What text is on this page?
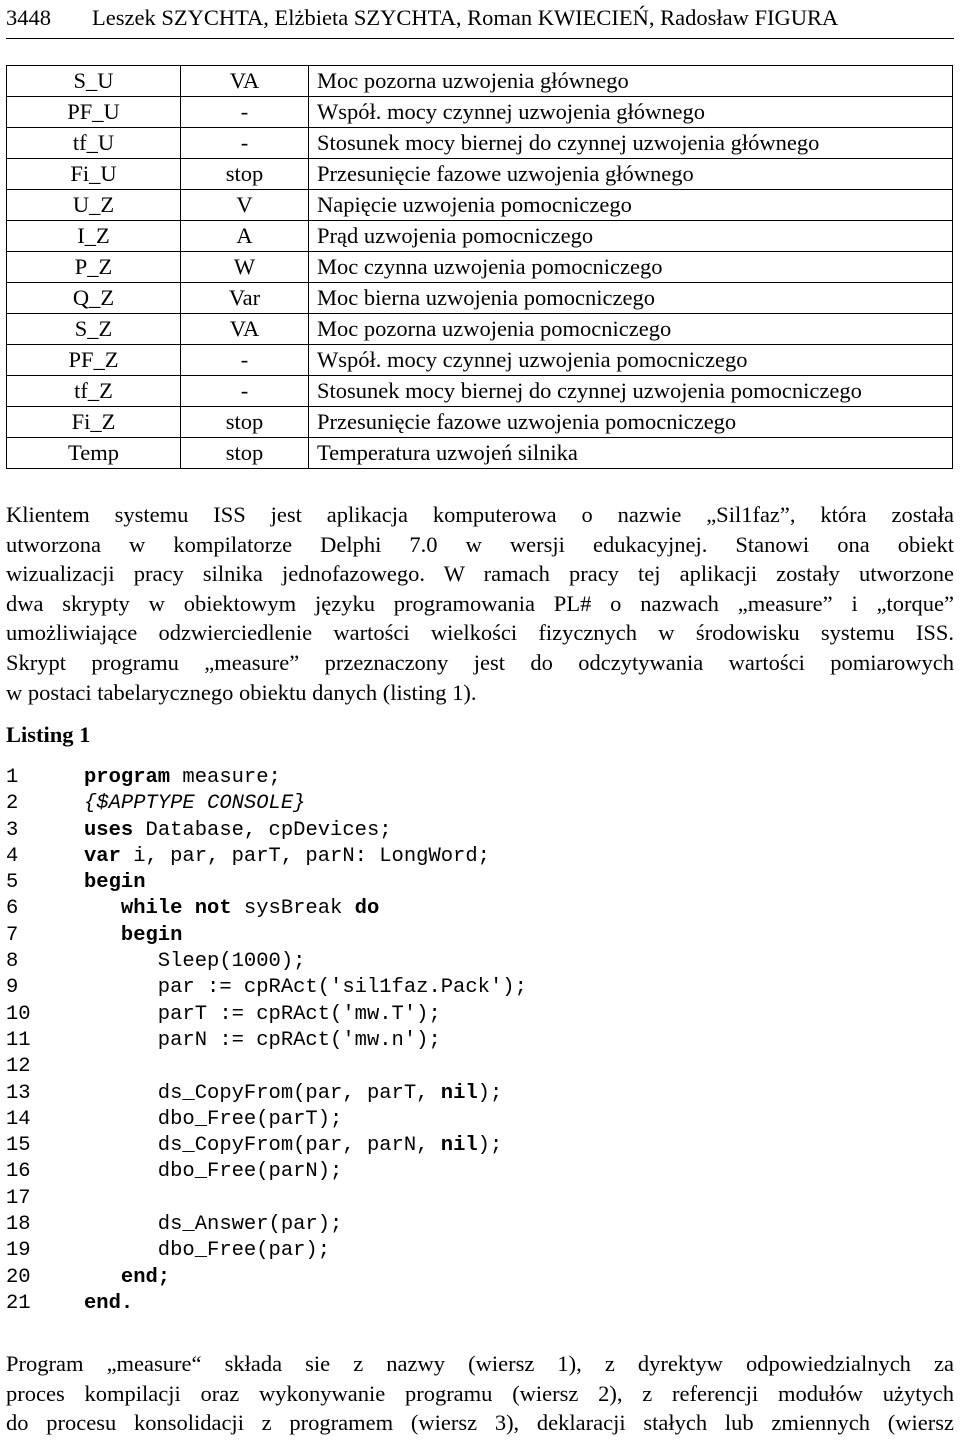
3448 Leszek SZYCHTA, Elżbieta SZYCHTA, Roman KWIECIEŃ, Radosław FIGURA
S_U	VA	Moc pozorna uzwojenia głównego
PF_U	-	Współ. mocy czynnej uzwojenia głównego
tf_U	-	Stosunek mocy biernej do czynnej uzwojenia głównego
Fi_U	stop	Przesunięcie fazowe uzwojenia głównego
U_Z	V	Napięcie uzwojenia pomocniczego
I_Z	A	Prąd uzwojenia pomocniczego
P_Z	W	Moc czynna uzwojenia pomocniczego
Q_Z	Var	Moc bierna uzwojenia pomocniczego
S_Z	VA	Moc pozorna uzwojenia pomocniczego
PF_Z	-	Współ. mocy czynnej uzwojenia pomocniczego
tf_Z	-	Stosunek mocy biernej do czynnej uzwojenia pomocniczego
Fi_Z	stop	Przesunięcie fazowe uzwojenia pomocniczego
Temp	stop	Temperatura uzwojeń silnika
Klientem systemu ISS jest aplikacja komputerowa o nazwie „Sil1faz”, która została
utworzona w kompilatorze Delphi 7.0 w wersji edukacyjnej. Stanowi ona obiekt
wizualizacji pracy silnika jednofazowego. W ramach pracy tej aplikacji zostały utworzone
dwa skrypty w obiektowym języku programowania PL# o nazwach „measure” i „torque”
umożliwiające odzwierciedlenie wartości wielkości fizycznych w środowisku systemu ISS.
Skrypt programu „measure” przeznaczony jest do odczytywania wartości pomiarowych
w postaci tabelarycznego obiektu danych (listing 1).
Listing 1
1	program measure;
2	{$APPTYPE CONSOLE}
3	uses Database, cpDevices;
4	var i, par, parT, parN: LongWord;
5	begin
6	while not sysBreak do
7	begin
8	Sleep(1000);
9	par := cpRAct('sil1faz.Pack');
10	parT := cpRAct('mw.T');
11	parN := cpRAct('mw.n');
12
13	ds_CopyFrom(par, parT, nil);
14	dbo_Free(parT);
15	ds_CopyFrom(par, parN, nil);
16	dbo_Free(parN);
17
18	ds_Answer(par);
19	dbo_Free(par);
20	end;
21	end.
Program „measure“ składa sie z nazwy (wiersz 1), z dyrektyw odpowiedzialnych za
proces kompilacji oraz wykonywanie programu (wiersz 2), z referencji modułów użytych
do procesu konsolidacji z programem (wiersz 3), deklaracji stałych lub zmiennych (wiersz
